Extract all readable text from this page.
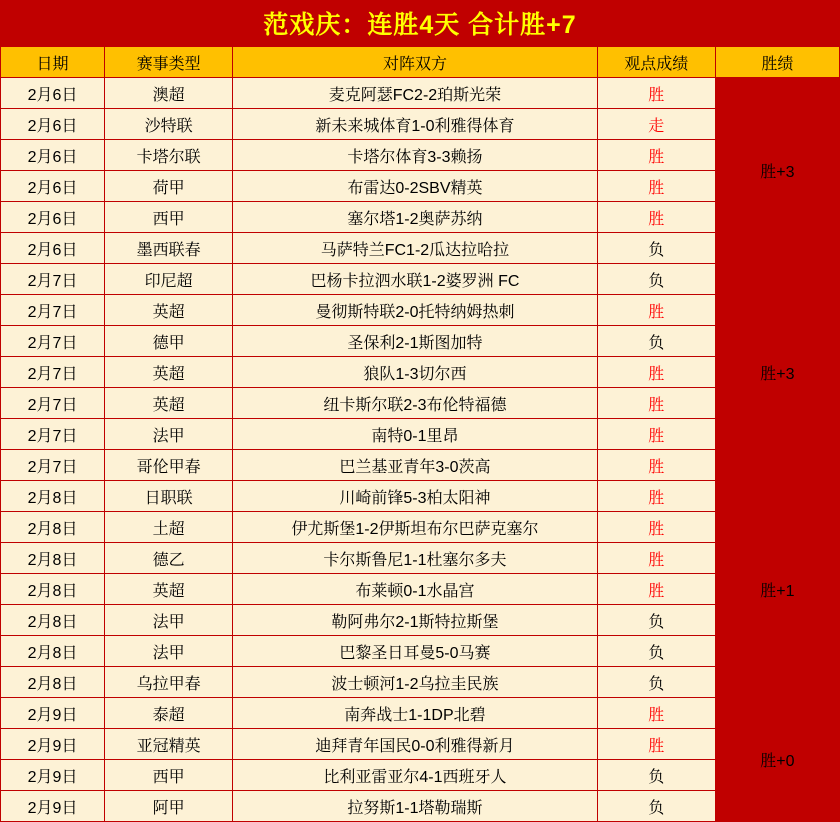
范戏庆：连胜4天 合计胜+7
日期	赛事类型	对阵双方	观点成绩	胜绩
2月6日	澳超	麦克阿瑟FC2-2珀斯光荣	胜	胜+3
2月6日	沙特联	新未来城体育1-0利雅得体育	走	
2月6日	卡塔尔联	卡塔尔体育3-3赖扬	胜	
2月6日	荷甲	布雷达0-2SBV精英	胜	
2月6日	西甲	塞尔塔1-2奥萨苏纳	胜	
2月6日	墨西联春	马萨特兰FC1-2瓜达拉哈拉	负	
2月7日	印尼超	巴杨卡拉泗水联1-2婆罗洲 FC	负	胜+3
2月7日	英超	曼彻斯特联2-0托特纳姆热刺	胜	
2月7日	德甲	圣保利2-1斯图加特	负	
2月7日	英超	狼队1-3切尔西	胜	
2月7日	英超	纽卡斯尔联2-3布伦特福德	胜	
2月7日	法甲	南特0-1里昂	胜	
2月7日	哥伦甲春	巴兰基亚青年3-0茨高	胜	
2月8日	日职联	川崎前锋5-3柏太阳神	胜	胜+1
2月8日	土超	伊尤斯堡1-2伊斯坦布尔巴萨克塞尔	胜	
2月8日	德乙	卡尔斯鲁尼1-1杜塞尔多夫	胜	
2月8日	英超	布莱顿0-1水晶宫	胜	
2月8日	法甲	勒阿弗尔2-1斯特拉斯堡	负	
2月8日	法甲	巴黎圣日耳曼5-0马赛	负	
2月8日	乌拉甲春	波士顿河1-2乌拉圭民族	负	
2月9日	泰超	南奔战士1-1DP北碧	胜	胜+0
2月9日	亚冠精英	迪拜青年国民0-0利雅得新月	胜	
2月9日	西甲	比利亚雷亚尔4-1西班牙人	负	
2月9日	阿甲	拉努斯1-1塔勒瑞斯	负	
